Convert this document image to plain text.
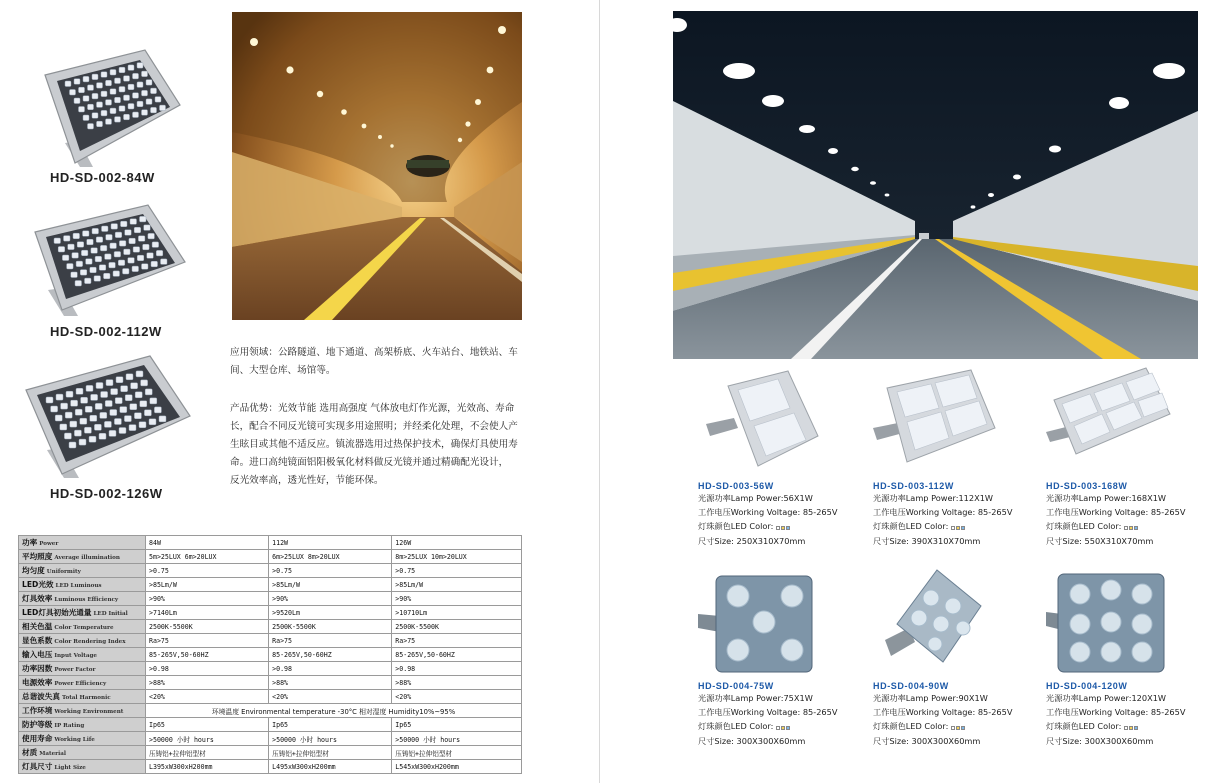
HD-SD-002-84W
HD-SD-002-112W
HD-SD-002-126W
应用领域：公路隧道、地下通道、高架桥底、火车站台、地铁站、车
间、大型仓库、场馆等。
产品优势：光效节能 选用高强度 气体放电灯作光源，光效高、寿命
长，配合不同反光镜可实现多用途照明；并经柔化处理，不会使人产
生眩目或其他不适反应。镇流器选用过热保护技术，确保灯具使用寿
命。进口高纯镜面铝阳极氧化材料做反光镜并通过精确配光设计，
反光效率高，透光性好，节能环保。
功率 Power	84W	112W	126W
平均照度 Average illumination	5m>25LUX 6m>20LUX	6m>25LUX 8m>20LUX	8m>25LUX 10m>20LUX
均匀度 Uniformity	>0.75	>0.75	>0.75
LED光效 LED Luminous	>85Lm/W	>85Lm/W	>85Lm/W
灯具效率 Luminous Efficiency	>90%	>90%	>90%
LED灯具初始光通量 LED Initial	>7140Lm	>9520Lm	>10710Lm
相关色温 Color Temperature	2500K-5500K	2500K-5500K	2500K-5500K
显色系数 Color Rendering Index	Ra>75	Ra>75	Ra>75
输入电压 Input Voltage	85-265V,50-60HZ	85-265V,50-60HZ	85-265V,50-60HZ
功率因数 Power Factor	>0.98	>0.98	>0.98
电源效率 Power Efficiency	>88%	>88%	>88%
总谐波失真 Total Harmonic	<20%	<20%	<20%
工作环境 Working Environment	环境温度 Environmental temperature -30°C 相对湿度 Humidity10%~95%		
防护等级 IP Rating	Ip65	Ip65	Ip65
使用寿命 Working Life	>50000 小时 hours	>50000 小时 hours	>50000 小时 hours
材质 Material	压铸铝+拉伸铝型材	压铸铝+拉伸铝型材	压铸铝+拉伸铝型材
灯具尺寸 Light Size	L395xW300xH200mm	L495xW300xH200mm	L545xW300xH200mm
HD-SD-003-56W
光源功率Lamp Power:56X1W
工作电压Working Voltage: 85-265V
灯珠颜色LED Color:
尺寸Size: 250X310X70mm
HD-SD-003-112W
光源功率Lamp Power:112X1W
工作电压Working Voltage: 85-265V
灯珠颜色LED Color:
尺寸Size: 390X310X70mm
HD-SD-003-168W
光源功率Lamp Power:168X1W
工作电压Working Voltage: 85-265V
灯珠颜色LED Color:
尺寸Size: 550X310X70mm
HD-SD-004-75W
光源功率Lamp Power:75X1W
工作电压Working Voltage: 85-265V
灯珠颜色LED Color:
尺寸Size: 300X300X60mm
HD-SD-004-90W
光源功率Lamp Power:90X1W
工作电压Working Voltage: 85-265V
灯珠颜色LED Color:
尺寸Size: 300X300X60mm
HD-SD-004-120W
光源功率Lamp Power:120X1W
工作电压Working Voltage: 85-265V
灯珠颜色LED Color:
尺寸Size: 300X300X60mm
